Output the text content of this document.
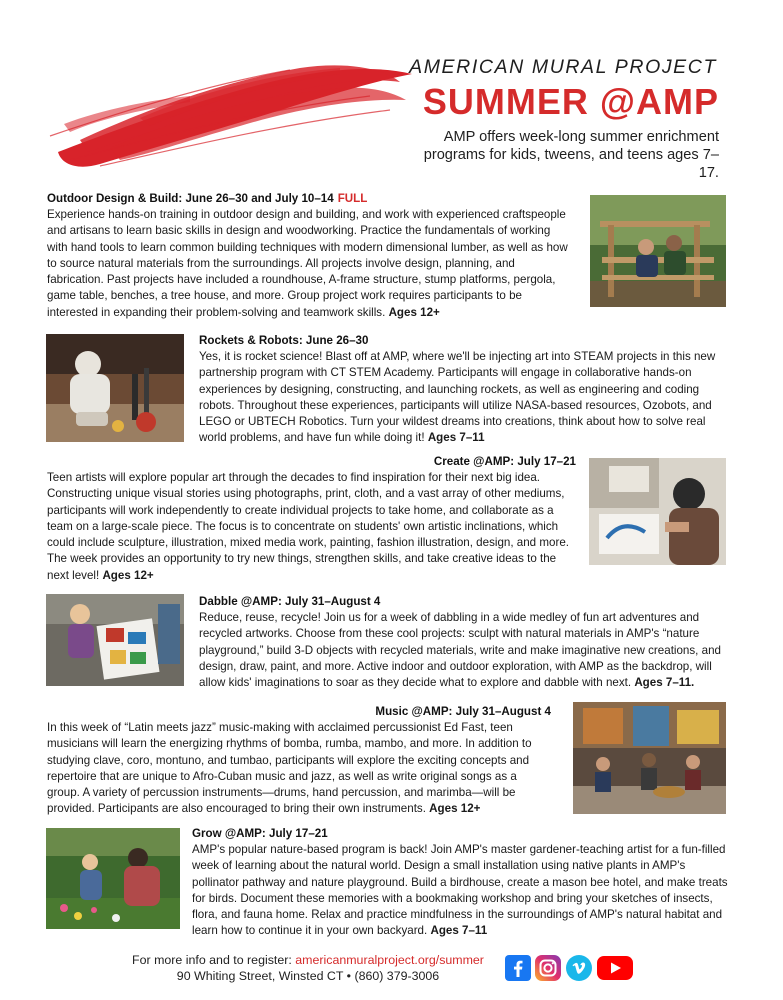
AMERICAN MURAL PROJECT
SUMMER @AMP
AMP offers week-long summer enrichment programs for kids, tweens, and teens ages 7–17.
Outdoor Design & Build: June 26–30 and July 10–14 FULL
Experience hands-on training in outdoor design and building, and work with experienced craftspeople and artisans to learn basic skills in design and woodworking. Practice the fundamentals of working with hand tools to learn common building techniques with modern dimensional lumber, as well as how to source natural materials from the surroundings. All projects involve design, planning, and fabrication. Past projects have included a roundhouse, A-frame structure, stump platforms, pergola, game table, benches, a tree house, and more. Group project work requires participants to be interested in expanding their problem-solving and teamwork skills. Ages 12+
Rockets & Robots: June 26–30
Yes, it is rocket science! Blast off at AMP, where we'll be injecting art into STEAM projects in this new partnership program with CT STEM Academy. Participants will engage in collaborative hands-on experiences by designing, constructing, and launching rockets, as well as engineering and coding robots. Throughout these experiences, participants will utilize NASA-based resources, Ozobots, and LEGO or UBTECH Robotics. Turn your wildest dreams into creations, think about how to solve real world problems, and have fun while doing it! Ages 7–11
Create @AMP: July 17–21
Teen artists will explore popular art through the decades to find inspiration for their next big idea. Constructing unique visual stories using photographs, print, cloth, and a vast array of other mediums, participants will work independently to create individual projects to take home, and collaborate as a team on a large-scale piece. The focus is to concentrate on students' own artistic inclinations, which could include sculpture, illustration, mixed media work, painting, fashion illustration, design, and more. The week provides an opportunity to try new things, strengthen skills, and take creative ideas to the next level! Ages 12+
Dabble @AMP: July 31–August 4
Reduce, reuse, recycle! Join us for a week of dabbling in a wide medley of fun art adventures and recycled artworks. Choose from these cool projects: sculpt with natural materials in AMP's “nature playground,” build 3-D objects with recycled materials, write and make imaginative new creations, and design, draw, paint, and more. Active indoor and outdoor exploration, with AMP as the backdrop, will allow kids' imaginations to soar as they decide what to explore and dabble with next. Ages 7–11.
Music @AMP: July 31–August 4
In this week of “Latin meets jazz” music-making with acclaimed percussionist Ed Fast, teen musicians will learn the energizing rhythms of bomba, rumba, mambo, and more. In addition to studying clave, coro, montuno, and tumbao, participants will explore the exciting concepts and repertoire that are unique to Afro-Cuban music and jazz, as well as write original songs as a group. A variety of percussion instruments—drums, hand percussion, and marimba—will be provided. Participants are also encouraged to bring their own instruments. Ages 12+
Grow @AMP: July 17–21
AMP's popular nature-based program is back! Join AMP's master gardener-teaching artist for a fun-filled week of learning about the natural world. Design a small installation using native plants in AMP's pollinator pathway and nature playground. Build a birdhouse, create a mason bee hotel, and make treats for birds. Document these memories with a bookmaking workshop and bring your sketches of insects, flora, and fauna home. Relax and practice mindfulness in the surroundings of AMP's natural habitat and learn how to continue it in your own backyard. Ages 7–11
For more info and to register: americanmuralproject.org/summer
90 Whiting Street, Winsted CT • (860) 379-3006
